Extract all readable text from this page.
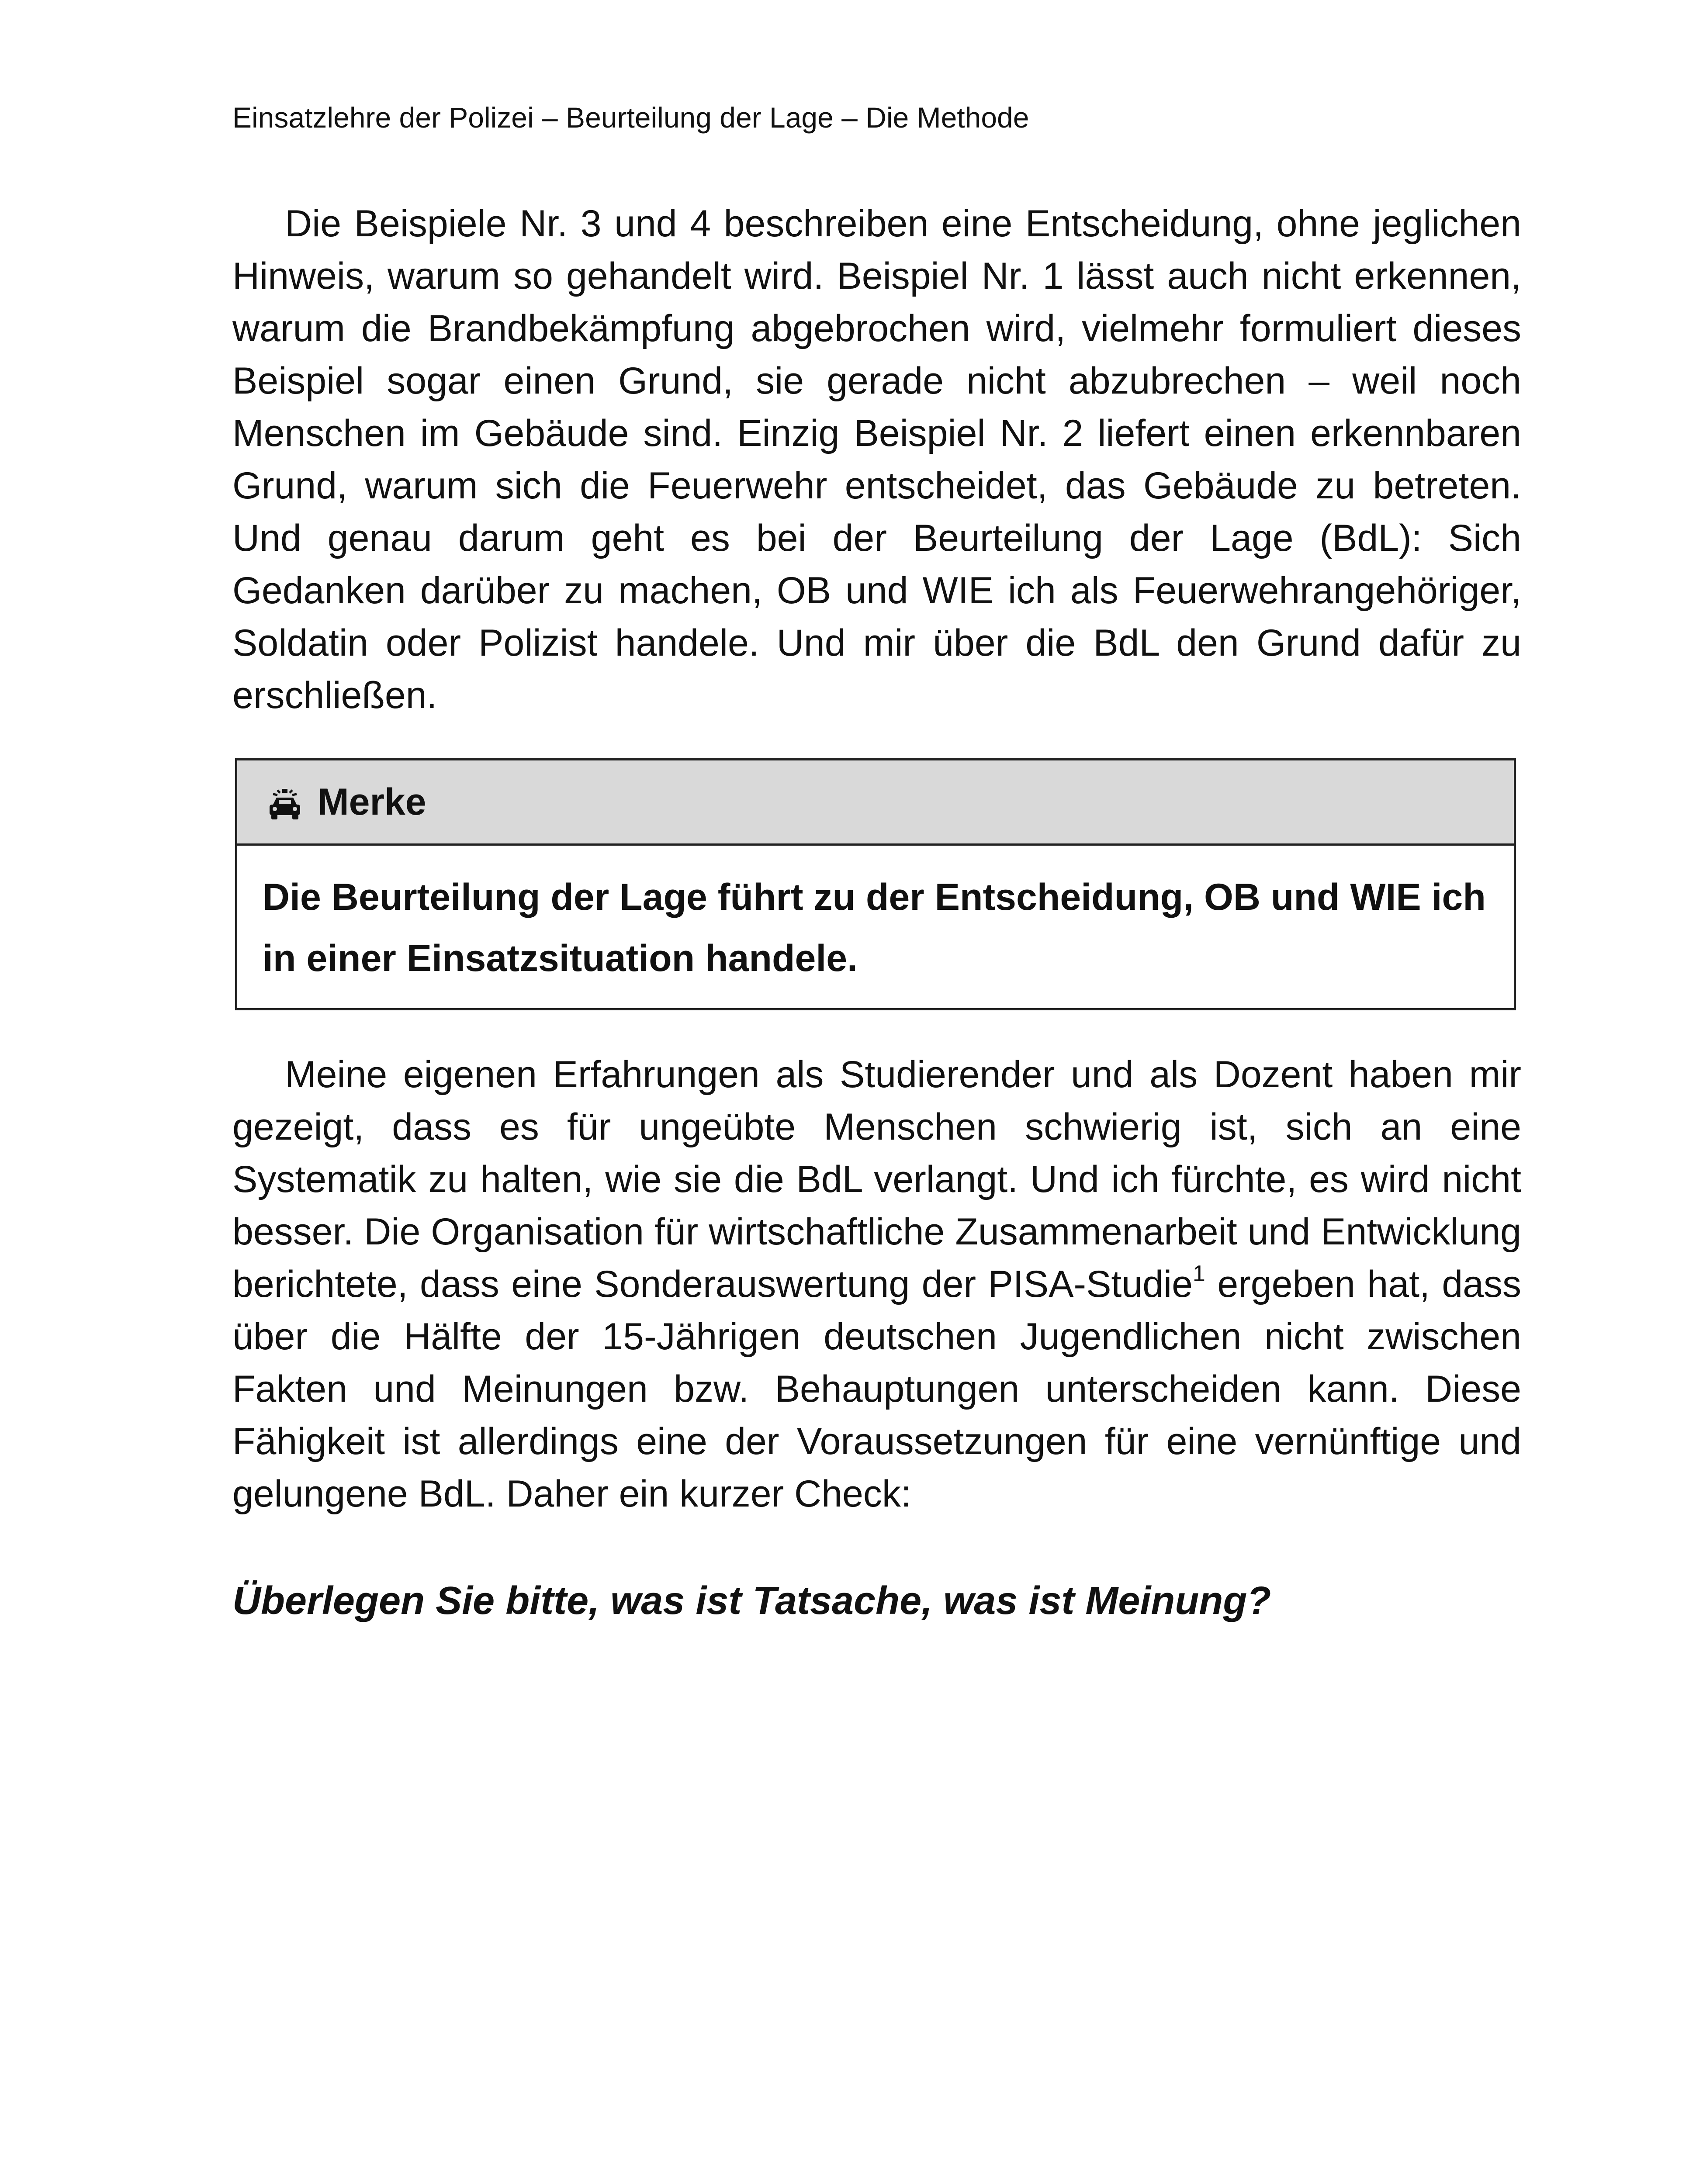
Einsatzlehre der Polizei – Beurteilung der Lage – Die Methode

Die Beispiele Nr. 3 und 4 beschreiben eine Entscheidung, ohne jeglichen Hinweis, warum so gehandelt wird. Beispiel Nr. 1 lässt auch nicht erkennen, warum die Brandbekämpfung abgebrochen wird, vielmehr formuliert dieses Beispiel sogar einen Grund, sie gerade nicht abzubrechen – weil noch Menschen im Gebäude sind. Einzig Beispiel Nr. 2 liefert einen erkennbaren Grund, warum sich die Feuerwehr entscheidet, das Gebäude zu betreten. Und genau darum geht es bei der Beurteilung der Lage (BdL): Sich Gedanken darüber zu machen, OB und WIE ich als Feuerwehrangehöriger, Soldatin oder Polizist handele. Und mir über die BdL den Grund dafür zu erschließen.

Merke
Die Beurteilung der Lage führt zu der Entscheidung, OB und WIE ich in einer Einsatzsituation handele.

Meine eigenen Erfahrungen als Studierender und als Dozent haben mir gezeigt, dass es für ungeübte Menschen schwierig ist, sich an eine Systematik zu halten, wie sie die BdL verlangt. Und ich fürchte, es wird nicht besser. Die Organisation für wirtschaftliche Zusammenarbeit und Entwicklung berichtete, dass eine Sonderauswertung der PISA-Studie$^1$ ergeben hat, dass über die Hälfte der 15-Jährigen deutschen Jugendlichen nicht zwischen Fakten und Meinungen bzw. Behauptungen unterscheiden kann. Diese Fähigkeit ist allerdings eine der Voraussetzungen für eine vernünftige und gelungene BdL. Daher ein kurzer Check:

Überlegen Sie bitte, was ist Tatsache, was ist Meinung?
